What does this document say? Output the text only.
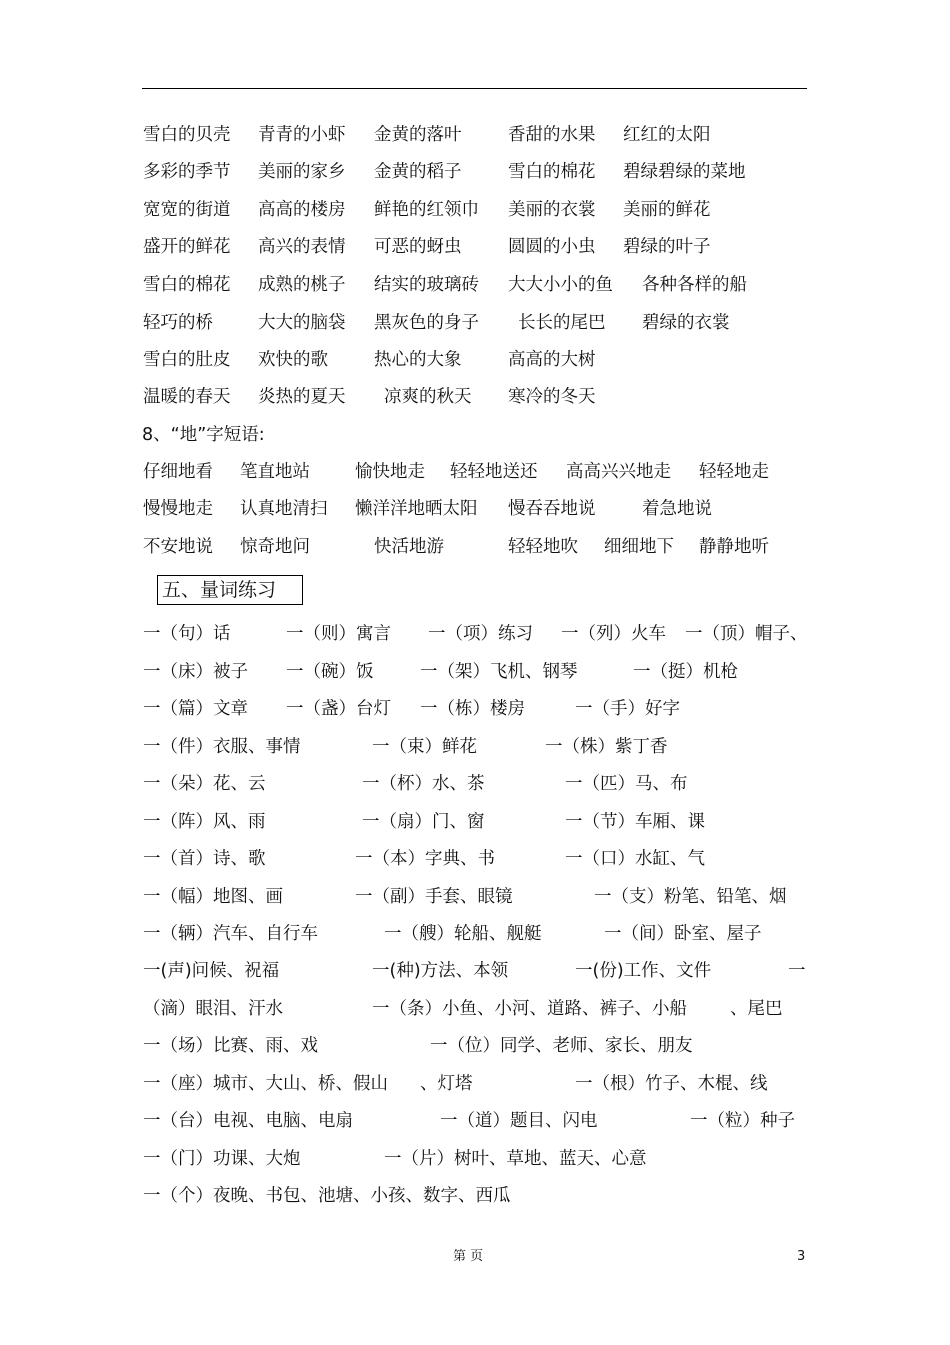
雪白的贝壳 青青的小虾 金黄的落叶	香甜的水果 红红的太阳
多彩的季节 美丽的家乡 金黄的稻子	雪白的棉花 碧绿碧绿的菜地
宽宽的街道 高高的楼房 鲜艳的红领巾 美丽的衣裳 美丽的鲜花
盛开的鲜花 高兴的表情 可恶的蚜虫	圆圆的小虫 碧绿的叶子
雪白的棉花 成熟的桃子 结实的玻璃砖 大大小小的鱼 各种各样的船
轻巧的桥	大大的脑袋 黑灰色的身子 长长的尾巴 碧绿的衣裳
雪白的肚皮 欢快的歌	热心的大象	高高的大树
温暖的春天 炎热的夏天 凉爽的秋天 寒冷的冬天
8、“地”字短语:
仔细地看 笔直地站	愉快地走 轻轻地送还 高高兴兴地走 轻轻地走
慢慢地走 认真地清扫 懒洋洋地晒太阳 慢吞吞地说	着急地说
不安地说 惊奇地问	快活地游	轻轻地吹 细细地下 静静地听
五、量词练习
一（句）话	一（则）寓言 一（项）练习 一（列）火车 一（顶）帽子、
一（床）被子 一（碗）饭	一（架）飞机、钢琴	一（挺）机枪
一（篇）文章 一（盏）台灯 一（栋）楼房	一（手）好字
一（件）衣服、事情	一（束）鲜花	一（株）紫丁香
一（朵）花、云	一（杯）水、茶	一（匹）马、布
一（阵）风、雨	一（扇）门、窗	一（节）车厢、课
一（首）诗、歌	一（本）字典、书	一（口）水缸、气
一（幅）地图、画	一（副）手套、眼镜	一（支）粉笔、铅笔、烟
一（辆）汽车、自行车	一（艘）轮船、舰艇	一（间）卧室、屋子
一(声)问候、祝福	一(种)方法、本领	一(份)工作、文件	一
（滴）眼泪、汗水	一（条）小鱼、小河、道路、裤子、小船 、尾巴
一（场）比赛、雨、戏	一（位）同学、老师、家长、朋友
一（座）城市、大山、桥、假山 、灯塔	一（根）竹子、木棍、线
一（台）电视、电脑、电扇	一（道）题目、闪电	一（粒）种子
一（门）功课、大炮	一（片）树叶、草地、蓝天、心意
一（个）夜晚、书包、池塘、小孩、数字、西瓜
第 页	3
